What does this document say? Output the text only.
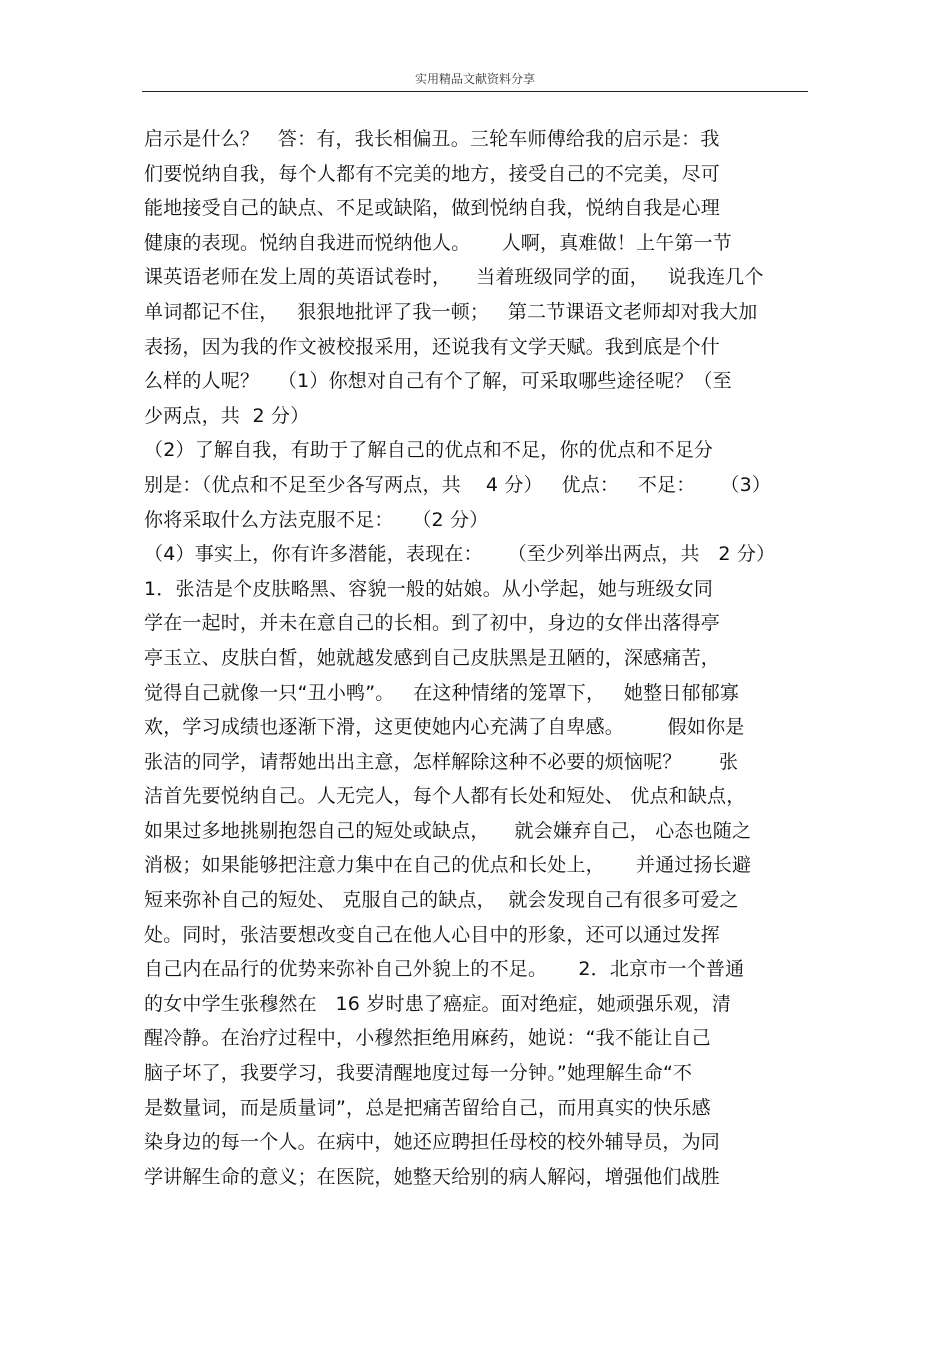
实用精品文献资料分享
启示是什么？   答：有，我长相偏丑。三轮车师傅给我的启示是：我
们要悦纳自我，每个人都有不完美的地方，接受自己的不完美，尽可
能地接受自己的缺点、不足或缺陷，做到悦纳自我，悦纳自我是心理
健康的表现。悦纳自我进而悦纳他人。     人啊，真难做！上午第一节
课英语老师在发上周的英语试卷时，    当着班级同学的面，   说我连几个
单词都记不住，   狠狠地批评了我一顿；   第二节课语文老师却对我大加
表扬，因为我的作文被校报采用，还说我有文学天赋。我到底是个什
么样的人呢？   （1）你想对自己有个了解，可采取哪些途径呢？（至
少两点，共  2 分）
（2）了解自我，有助于了解自己的优点和不足，你的优点和不足分
别是：（优点和不足至少各写两点，共    4 分）   优点：   不足：    （3）
你将采取什么方法克服不足：   （2 分）
（4）事实上，你有许多潜能，表现在：    （至少列举出两点，共   2 分）
1．张洁是个皮肤略黑、容貌一般的姑娘。从小学起，她与班级女同
学在一起时，并未在意自己的长相。到了初中，身边的女伴出落得亭
亭玉立、皮肤白皙，她就越发感到自己皮肤黑是丑陋的，深感痛苦，
觉得自己就像一只“丑小鸭”。   在这种情绪的笼罩下，   她整日郁郁寡
欢，学习成绩也逐渐下滑，这更使她内心充满了自卑感。       假如你是
张洁的同学，请帮她出出主意，怎样解除这种不必要的烦恼呢？      张
洁首先要悦纳自己。人无完人，每个人都有长处和短处、 优点和缺点，
如果过多地挑剔抱怨自己的短处或缺点，    就会嫌弃自己， 心态也随之
消极；如果能够把注意力集中在自己的优点和长处上，     并通过扬长避
短来弥补自己的短处、 克服自己的缺点，  就会发现自己有很多可爱之
处。同时，张洁要想改变自己在他人心目中的形象，还可以通过发挥
自己内在品行的优势来弥补自己外貌上的不足。     2．北京市一个普通
的女中学生张穆然在   16 岁时患了癌症。面对绝症，她顽强乐观，清
醒冷静。在治疗过程中，小穆然拒绝用麻药，她说：“我不能让自己
脑子坏了，我要学习，我要清醒地度过每一分钟。”她理解生命“不
是数量词，而是质量词”，总是把痛苦留给自己，而用真实的快乐感
染身边的每一个人。在病中，她还应聘担任母校的校外辅导员，为同
学讲解生命的意义；在医院，她整天给别的病人解闷，增强他们战胜
